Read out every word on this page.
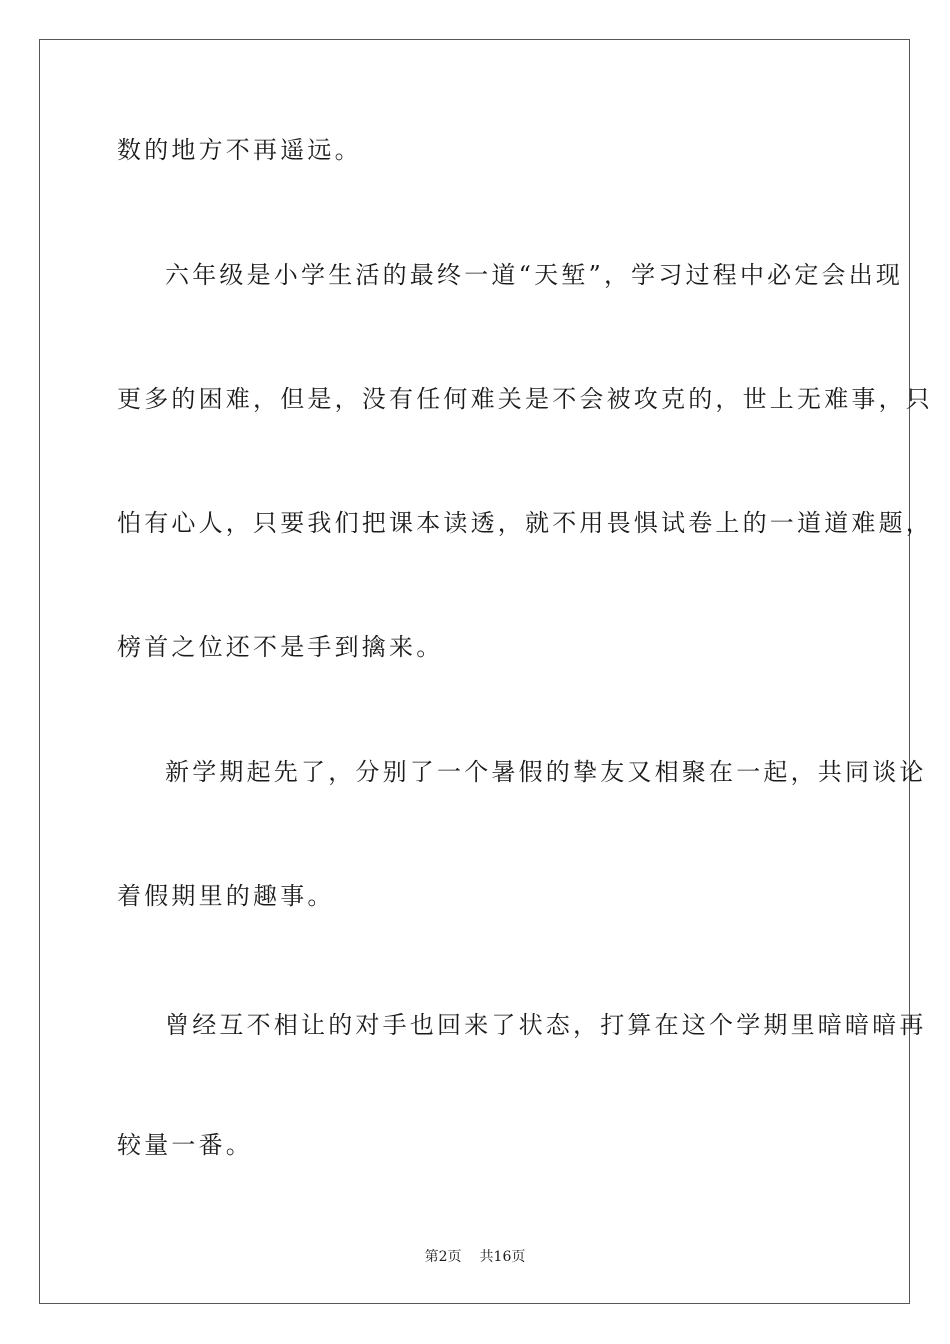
数的地方不再遥远。
六年级是小学生活的最终一道“天堑”，学习过程中必定会出现
更多的困难，但是，没有任何难关是不会被攻克的，世上无难事，只
怕有心人，只要我们把课本读透，就不用畏惧试卷上的一道道难题，
榜首之位还不是手到擒来。
新学期起先了，分别了一个暑假的挚友又相聚在一起，共同谈论
着假期里的趣事。
曾经互不相让的对手也回来了状态，打算在这个学期里暗暗暗再
较量一番。
第2页 共16页
